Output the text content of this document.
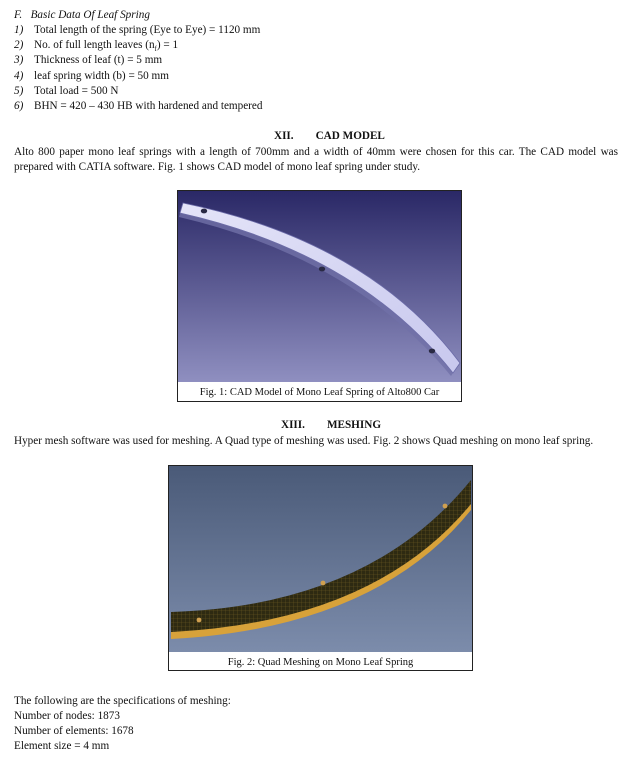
F. Basic Data Of Leaf Spring
1) Total length of the spring (Eye to Eye) = 1120 mm
2) No. of full length leaves $(n_f) = 1$
3) Thickness of leaf (t) = 5 mm
4) leaf spring width (b) = 50 mm
5) Total load = 500 N
6) BHN = 420 – 430 HB with hardened and tempered
XII. CAD MODEL
Alto 800 paper mono leaf springs with a length of 700mm and a width of 40mm were chosen for this car. The CAD model was prepared with CATIA software. Fig. 1 shows CAD model of mono leaf spring under study.
Fig. 1: CAD Model of Mono Leaf Spring of Alto800 Car
XIII. MESHING
Hyper mesh software was used for meshing. A Quad type of meshing was used. Fig. 2 shows Quad meshing on mono leaf spring.
Fig. 2: Quad Meshing on Mono Leaf Spring
The following are the specifications of meshing:
Number of nodes: 1873
Number of elements: 1678
Element size = 4 mm
